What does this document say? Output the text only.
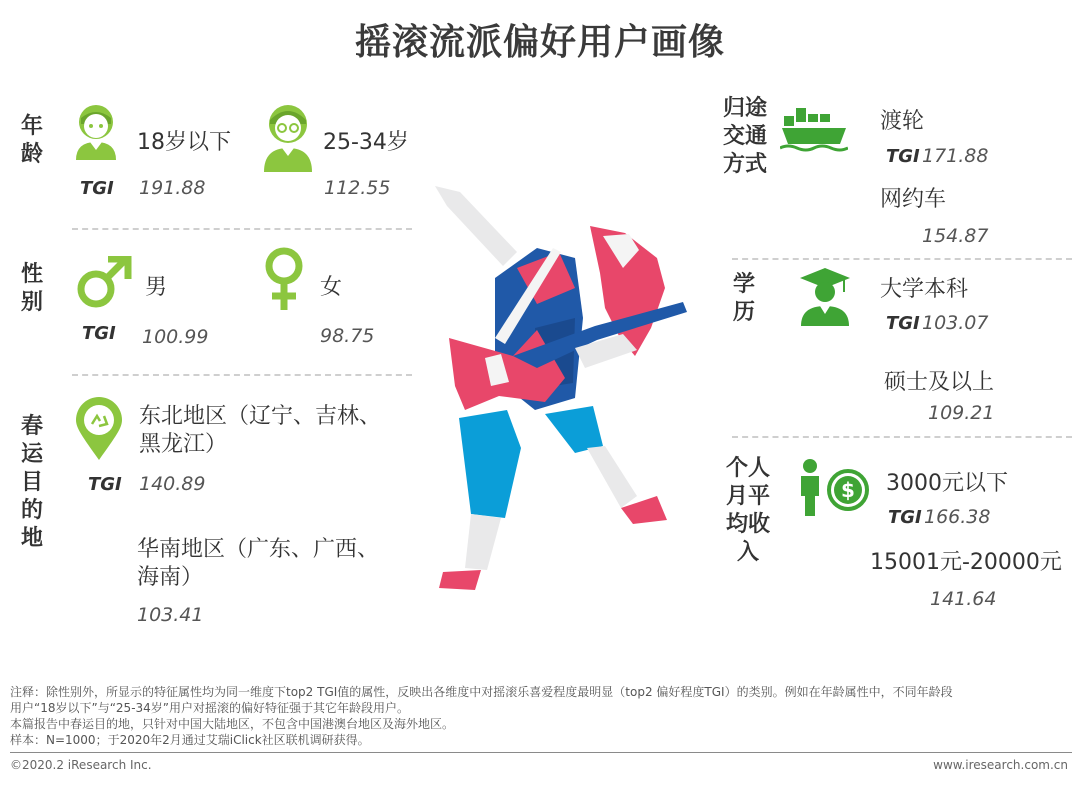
摇滚流派偏好用户画像
年龄	18岁以下	25-34岁
TGI 191.88	112.55
性别
男	女
TGI 100.99	98.75
春运目的地
东北地区（辽宁、吉林、
黑龙江）
TGI 140.89
华南地区（广东、广西、
海南）
103.41
归途交通方式
渡轮
TGI 171.88
网约车
154.87
学历
大学本科
TGI 103.07
硕士及以上
109.21
个人月平均收入
$ 3000元以下
TGI 166.38
15001元-20000元
141.64
注释：除性别外，所显示的特征属性均为同一维度下top2 TGI值的属性，反映出各维度中对摇滚乐喜爱程度最明显（top2 偏好程度TGI）的类别。例如在年龄属性中，不同年龄段
用户“18岁以下”与“25-34岁”用户对摇滚的偏好特征强于其它年龄段用户。
本篇报告中春运目的地，只针对中国大陆地区，不包含中国港澳台地区及海外地区。
样本：N=1000；于2020年2月通过艾瑞iClick社区联机调研获得。
©2020.2 iResearch Inc.	www.iresearch.com.cn
